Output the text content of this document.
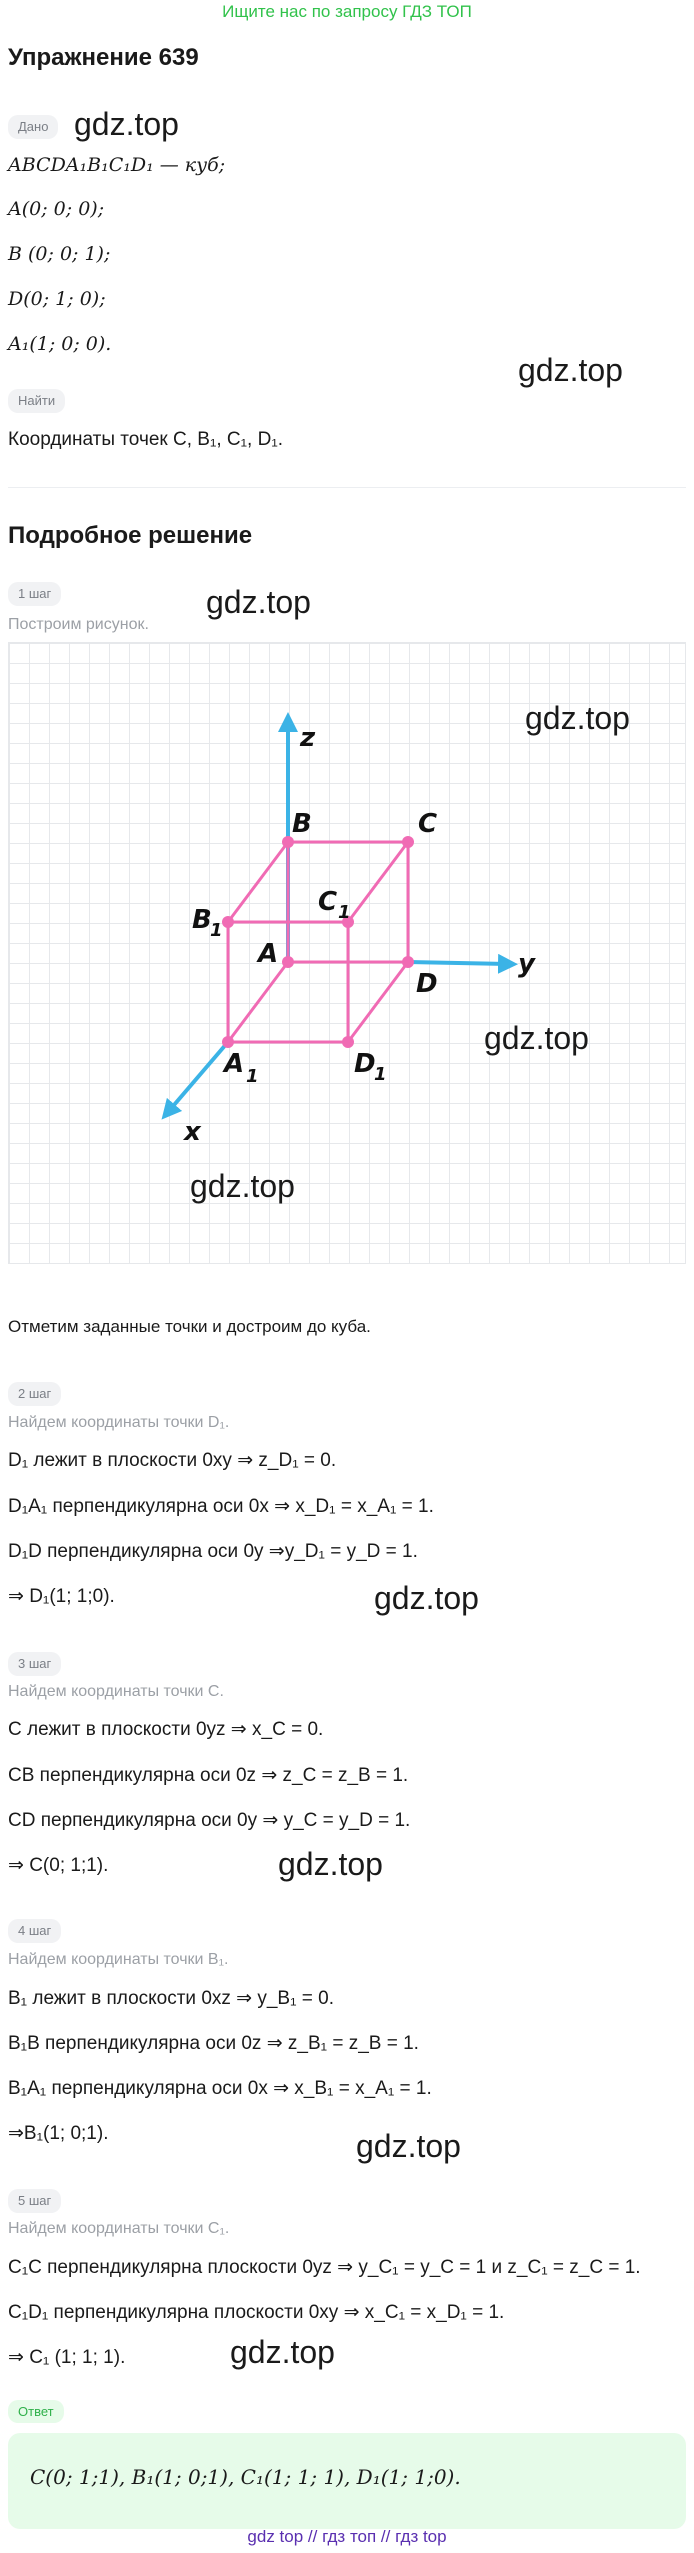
Ищите нас по запросу ГДЗ ТОП
Упражнение 639
Дано gdz.top
ABCDA₁B₁C₁D₁ — куб;
A(0; 0; 0);
B (0; 0; 1);
D(0; 1; 0);
A₁(1; 0; 0).
gdz.top
Найти
Координаты точек C, B₁, C₁, D₁.
Подробное решение
1 шаг
Построим рисунок.
gdz.top
z
y
x
B	C
C 1
B
1
A
D
A 1	D
1
gdz.top
gdz.top
gdz.top
Отметим заданные точки и достроим до куба.
2 шаг
Найдем координаты точки D₁.
D₁ лежит в плоскости 0xy ⇒ z_D₁ = 0.
D₁A₁ перпендикулярна оси 0x ⇒ x_D₁ = x_A₁ = 1.
D₁D перпендикулярна оси 0y ⇒y_D₁ = y_D = 1.
⇒ D₁(1; 1;0).	gdz.top
3 шаг
Найдем координаты точки C.
C лежит в плоскости 0yz ⇒ x_C = 0.
CB перпендикулярна оси 0z ⇒ z_C = z_B = 1.
CD перпендикулярна оси 0y ⇒ y_C = y_D = 1.
⇒ C(0; 1;1).	gdz.top
4 шаг
Найдем координаты точки B₁.
B₁ лежит в плоскости 0xz ⇒ y_B₁ = 0.
B₁B перпендикулярна оси 0z ⇒ z_B₁ = z_B = 1.
B₁A₁ перпендикулярна оси 0x ⇒ x_B₁ = x_A₁ = 1.
⇒B₁(1; 0;1).	gdz.top
5 шаг
Найдем координаты точки C₁.
C₁C перпендикулярна плоскости 0yz ⇒ y_C₁ = y_C = 1 и z_C₁ = z_C = 1.
C₁D₁ перпендикулярна плоскости 0xy ⇒ x_C₁ = x_D₁ = 1.
⇒ C₁ (1; 1; 1).	gdz.top
Ответ
C(0; 1;1), B₁(1; 0;1), C₁(1; 1; 1), D₁(1; 1;0).
gdz top // гдз топ // гдз top
